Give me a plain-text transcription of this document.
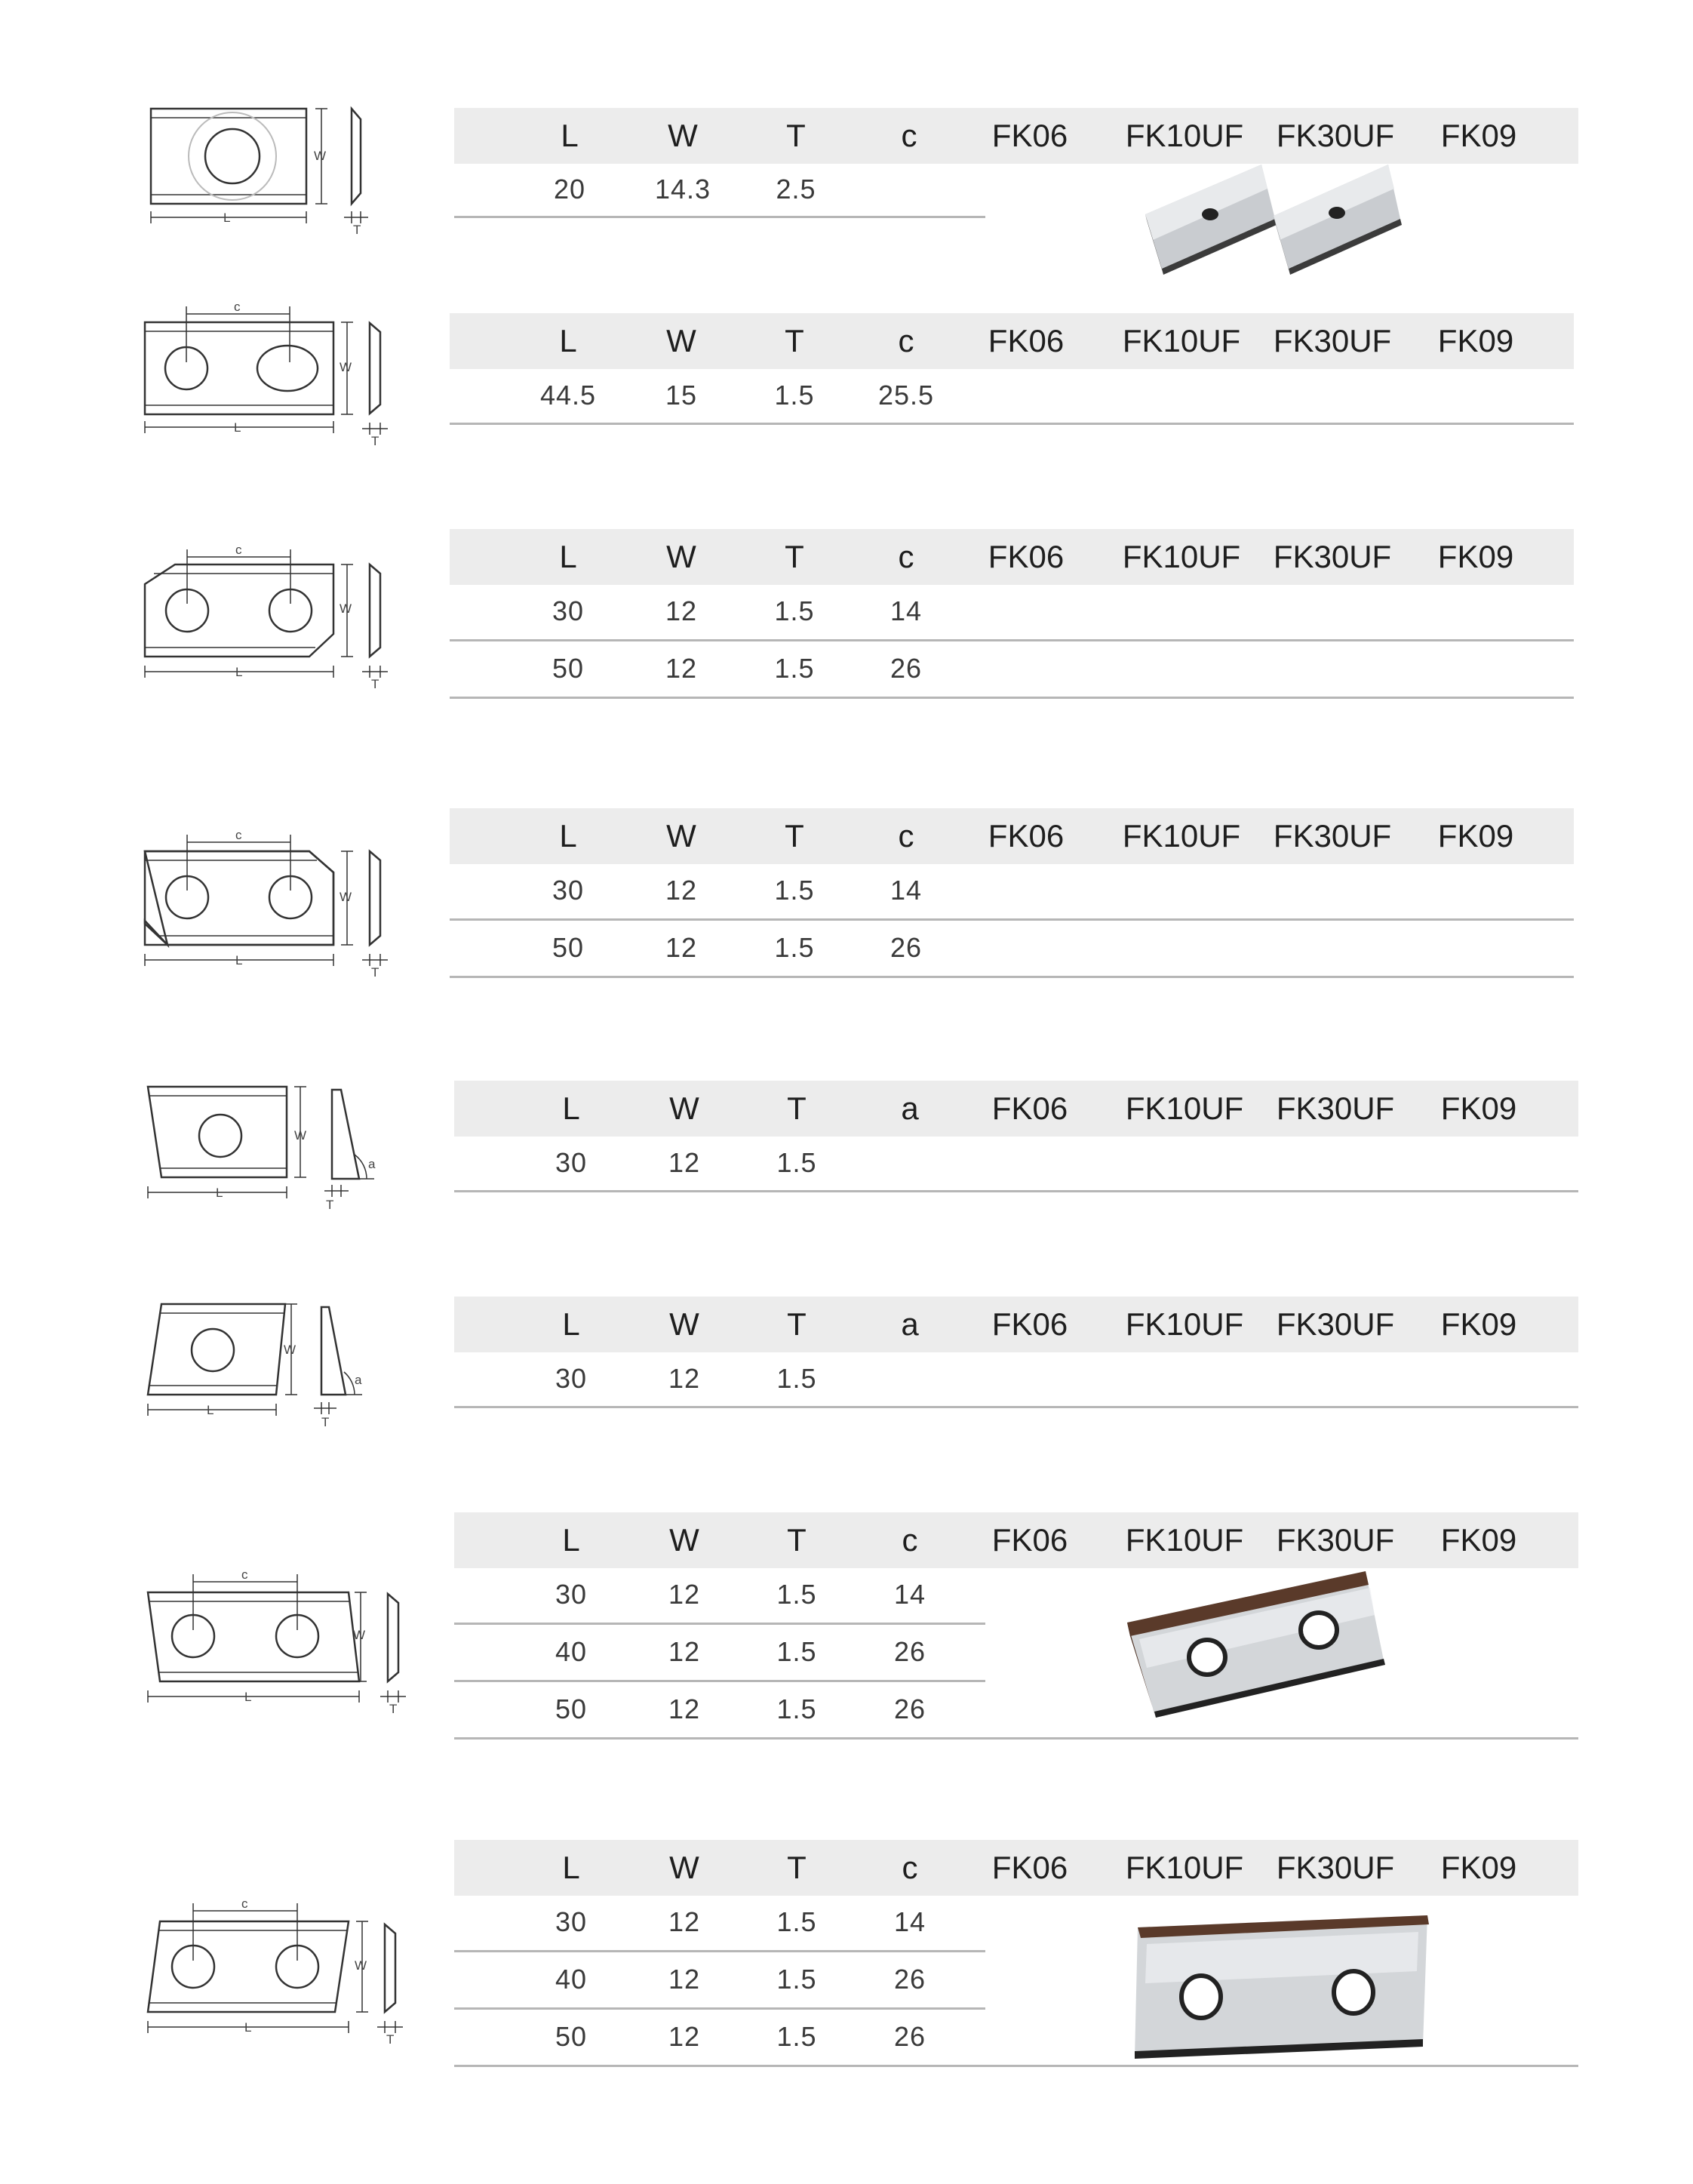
L
W
T
L	W	T	c	FK06	FK10UF FK30UF	FK09
20	14.3	2.5
c
L
W
T
L	W	T	c	FK06	FK10UF FK30UF	FK09
44.5	15	1.5	25.5
c
L
W
T
L	W	T	c	FK06	FK10UF FK30UF	FK09
30	12	1.5	14
50	12	1.5	26
c
L
W
T
L	W	T	c	FK06	FK10UF FK30UF	FK09
30	12	1.5	14
50	12	1.5	26
L
W
T
a
L	W	T	a	FK06	FK10UF FK30UF	FK09
30	12	1.5
L
W
T
a
L	W	T	a	FK06	FK10UF FK30UF	FK09
30	12	1.5
c
L
W
T
L	W	T	c	FK06	FK10UF FK30UF	FK09
30	12	1.5	14
40	12	1.5	26
50	12	1.5	26
c
L
W
T
L	W	T	c	FK06	FK10UF FK30UF	FK09
30	12	1.5	14
40	12	1.5	26
50	12	1.5	26
